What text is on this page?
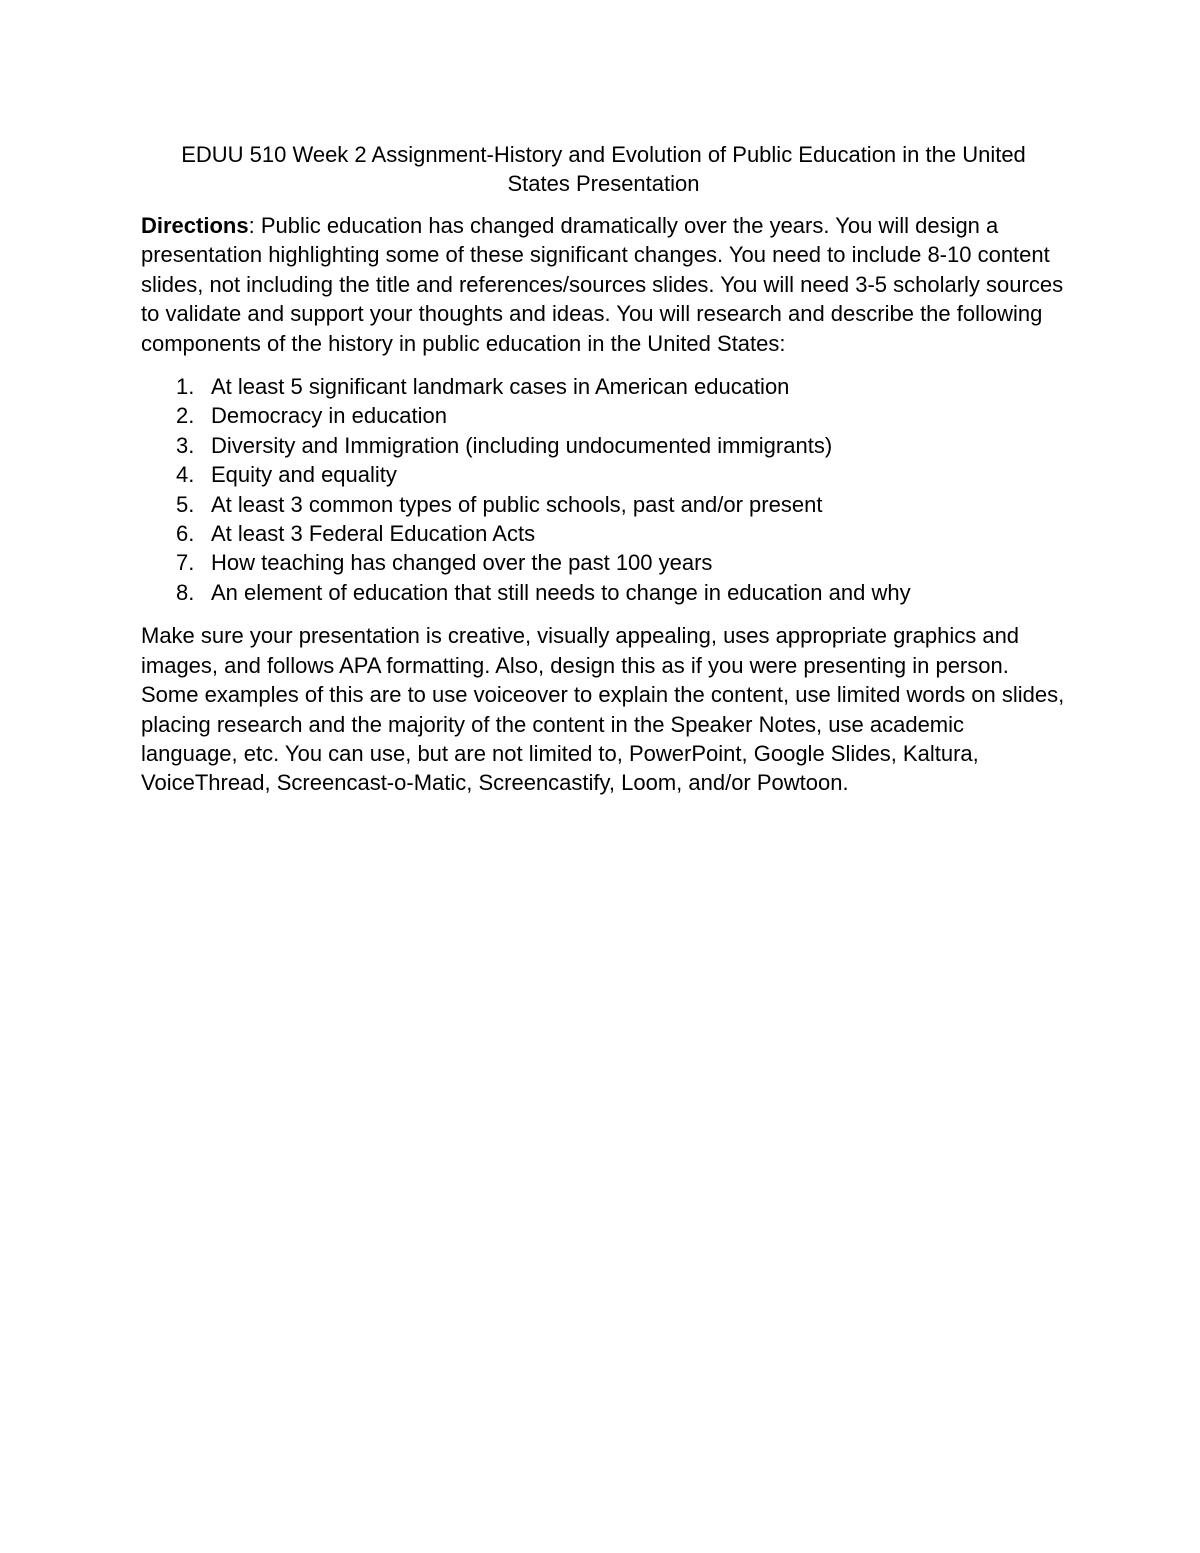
EDUU 510 Week 2 Assignment-History and Evolution of Public Education in the United
States Presentation

Directions: Public education has changed dramatically over the years. You will design a presentation highlighting some of these significant changes. You need to include 8-10 content slides, not including the title and references/sources slides. You will need 3-5 scholarly sources to validate and support your thoughts and ideas. You will research and describe the following components of the history in public education in the United States:

1. At least 5 significant landmark cases in American education
2. Democracy in education
3. Diversity and Immigration (including undocumented immigrants)
4. Equity and equality
5. At least 3 common types of public schools, past and/or present
6. At least 3 Federal Education Acts
7. How teaching has changed over the past 100 years
8. An element of education that still needs to change in education and why

Make sure your presentation is creative, visually appealing, uses appropriate graphics and images, and follows APA formatting. Also, design this as if you were presenting in person. Some examples of this are to use voiceover to explain the content, use limited words on slides, placing research and the majority of the content in the Speaker Notes, use academic language, etc. You can use, but are not limited to, PowerPoint, Google Slides, Kaltura, VoiceThread, Screencast-o-Matic, Screencastify, Loom, and/or Powtoon.
